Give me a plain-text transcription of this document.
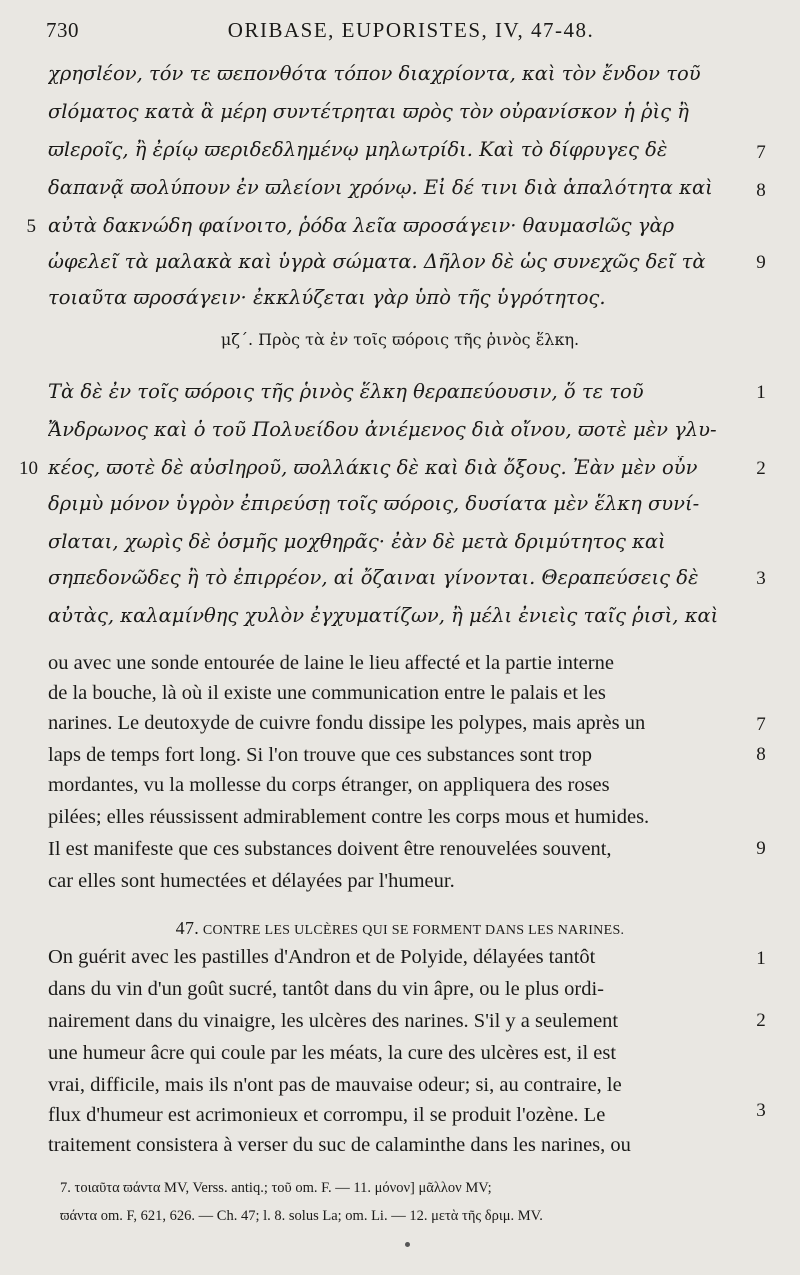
730	ORIBASE, EUPORISTES, IV, 47-48.
χρησlέον, τόν τε ϖεπονθότα τόπον διαχρίοντα, καὶ τὸν ἔνδον τοῦ
σlόματος κατὰ ἃ μέρη συντέτρηται ϖρὸς τὸν οὐρανίσκον ἡ ῥὶς ἢ
ϖlεροῖς, ἢ ἐρίῳ ϖεριδεδλημένῳ μηλωτρίδι. Καὶ τὸ δίφρυγες δὲ
δαπανᾷ ϖολύπουν ἐν ϖλείονι χρόνῳ. Εἰ δέ τινι διὰ ἁπαλότητα καὶ
αὐτὰ δακνώδη φαίνοιτο, ῥόδα λεῖα ϖροσάγειν· θαυμασlῶς γὰρ
ὠφελεῖ τὰ μαλακὰ καὶ ὑγρὰ σώματα. Δῆλον δὲ ὡς συνεχῶς δεῖ τὰ
τοιαῦτα ϖροσάγειν· ἐκκλύζεται γὰρ ὑπὸ τῆς ὑγρότητος.
7
8
5
9
μζ΄. Πρὸς τὰ ἐν τοῖς ϖόροις τῆς ῥινὸς ἕλκη.
Τὰ δὲ ἐν τοῖς ϖόροις τῆς ῥινὸς ἕλκη θεραπεύουσιν, ὅ τε τοῦ
Ἄνδρωνος καὶ ὁ τοῦ Πολυείδου ἀνιέμενος διὰ οἴνου, ϖοτὲ μὲν γλυ-
κέος, ϖοτὲ δὲ αὐσlηροῦ, ϖολλάκις δὲ καὶ διὰ ὄξους. Ἐὰν μὲν οὖν
δριμὺ μόνον ὑγρὸν ἐπιρεύσῃ τοῖς ϖόροις, δυσίατα μὲν ἕλκη συνί-
σlαται, χωρὶς δὲ ὀσμῆς μοχθηρᾶς· ἐὰν δὲ μετὰ δριμύτητος καὶ
σηπεδονῶδες ἢ τὸ ἐπιρρέον, αἱ ὄζαιναι γίνονται. Θεραπεύσεις δὲ
αὐτὰς, καλαμίνθης χυλὸν ἐγχυματίζων, ἢ μέλι ἐνιεὶς ταῖς ῥισὶ, καὶ
1
10	2
3
ou avec une sonde entourée de laine le lieu affecté et la partie interne
de la bouche, là où il existe une communication entre le palais et les
narines. Le deutoxyde de cuivre fondu dissipe les polypes, mais après un
laps de temps fort long. Si l'on trouve que ces substances sont trop
mordantes, vu la mollesse du corps étranger, on appliquera des roses
pilées; elles réussissent admirablement contre les corps mous et humides.
Il est manifeste que ces substances doivent être renouvelées souvent,
car elles sont humectées et délayées par l'humeur.
7
8
9
47. CONTRE LES ULCÈRES QUI SE FORMENT DANS LES NARINES.
On guérit avec les pastilles d'Andron et de Polyide, délayées tantôt
dans du vin d'un goût sucré, tantôt dans du vin âpre, ou le plus ordi-
nairement dans du vinaigre, les ulcères des narines. S'il y a seulement
une humeur âcre qui coule par les méats, la cure des ulcères est, il est
vrai, difficile, mais ils n'ont pas de mauvaise odeur; si, au contraire, le
flux d'humeur est acrimonieux et corrompu, il se produit l'ozène. Le
traitement consistera à verser du suc de calaminthe dans les narines, ou
1
2
3
7. τοιαῦτα ϖάντα MV, Verss. antiq.; τοῦ om. F. — 11. μόνον] μᾶλλον MV;
ϖάντα om. F, 621, 626. — Ch. 47; l. 8. solus La; om. Li. — 12. μετὰ τῆς δριμ. MV.
